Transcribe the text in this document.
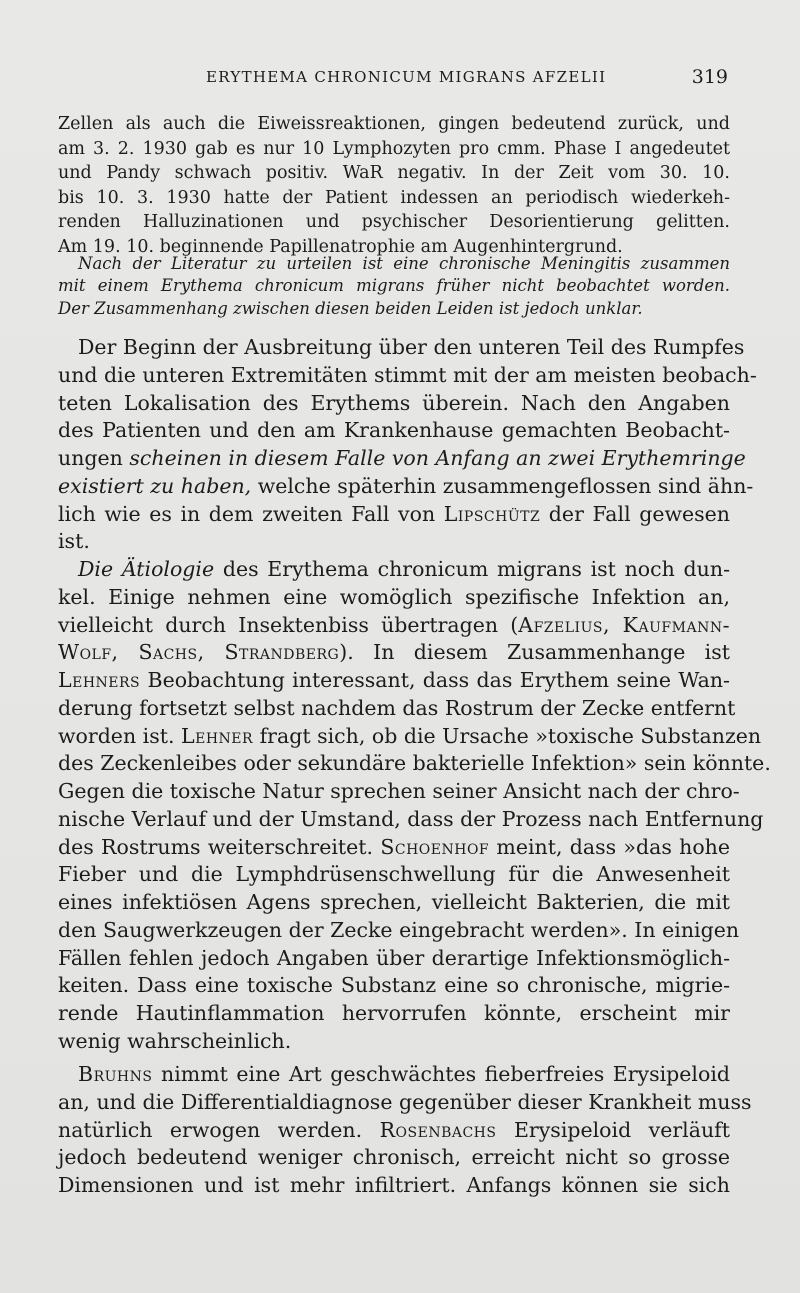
ERYTHEMA CHRONICUM MIGRANS AFZELII	319
Zellen als auch die Eiweissreaktionen, gingen bedeutend zurück, und
am 3. 2. 1930 gab es nur 10 Lymphozyten pro cmm. Phase I angedeutet
und Pandy schwach positiv. WaR negativ. In der Zeit vom 30. 10.
bis 10. 3. 1930 hatte der Patient indessen an periodisch wiederkeh-
renden Halluzinationen und psychischer Desorientierung gelitten.
Am 19. 10. beginnende Papillenatrophie am Augenhintergrund.
Nach der Literatur zu urteilen ist eine chronische Meningitis zusammen
mit einem Erythema chronicum migrans früher nicht beobachtet worden.
Der Zusammenhang zwischen diesen beiden Leiden ist jedoch unklar.
Der Beginn der Ausbreitung über den unteren Teil des Rumpfes
und die unteren Extremitäten stimmt mit der am meisten beobach-
teten Lokalisation des Erythems überein. Nach den Angaben
des Patienten und den am Krankenhause gemachten Beobacht-
ungen scheinen in diesem Falle von Anfang an zwei Erythemringe
existiert zu haben, welche späterhin zusammengeflossen sind ähn-
lich wie es in dem zweiten Fall von Lipschütz der Fall gewesen
ist.
Die Ätiologie des Erythema chronicum migrans ist noch dun-
kel. Einige nehmen eine womöglich spezifische Infektion an,
vielleicht durch Insektenbiss übertragen (Afzelius, Kaufmann-
Wolf, Sachs, Strandberg). In diesem Zusammenhange ist
Lehners Beobachtung interessant, dass das Erythem seine Wan-
derung fortsetzt selbst nachdem das Rostrum der Zecke entfernt
worden ist. Lehner fragt sich, ob die Ursache »toxische Substanzen
des Zeckenleibes oder sekundäre bakterielle Infektion» sein könnte.
Gegen die toxische Natur sprechen seiner Ansicht nach der chro-
nische Verlauf und der Umstand, dass der Prozess nach Entfernung
des Rostrums weiterschreitet. Schoenhof meint, dass »das hohe
Fieber und die Lymphdrüsenschwellung für die Anwesenheit
eines infektiösen Agens sprechen, vielleicht Bakterien, die mit
den Saugwerkzeugen der Zecke eingebracht werden». In einigen
Fällen fehlen jedoch Angaben über derartige Infektionsmöglich-
keiten. Dass eine toxische Substanz eine so chronische, migrie-
rende Hautinflammation hervorrufen könnte, erscheint mir
wenig wahrscheinlich.
Bruhns nimmt eine Art geschwächtes fieberfreies Erysipeloid
an, und die Differentialdiagnose gegenüber dieser Krankheit muss
natürlich erwogen werden. Rosenbachs Erysipeloid verläuft
jedoch bedeutend weniger chronisch, erreicht nicht so grosse
Dimensionen und ist mehr infiltriert. Anfangs können sie sich
